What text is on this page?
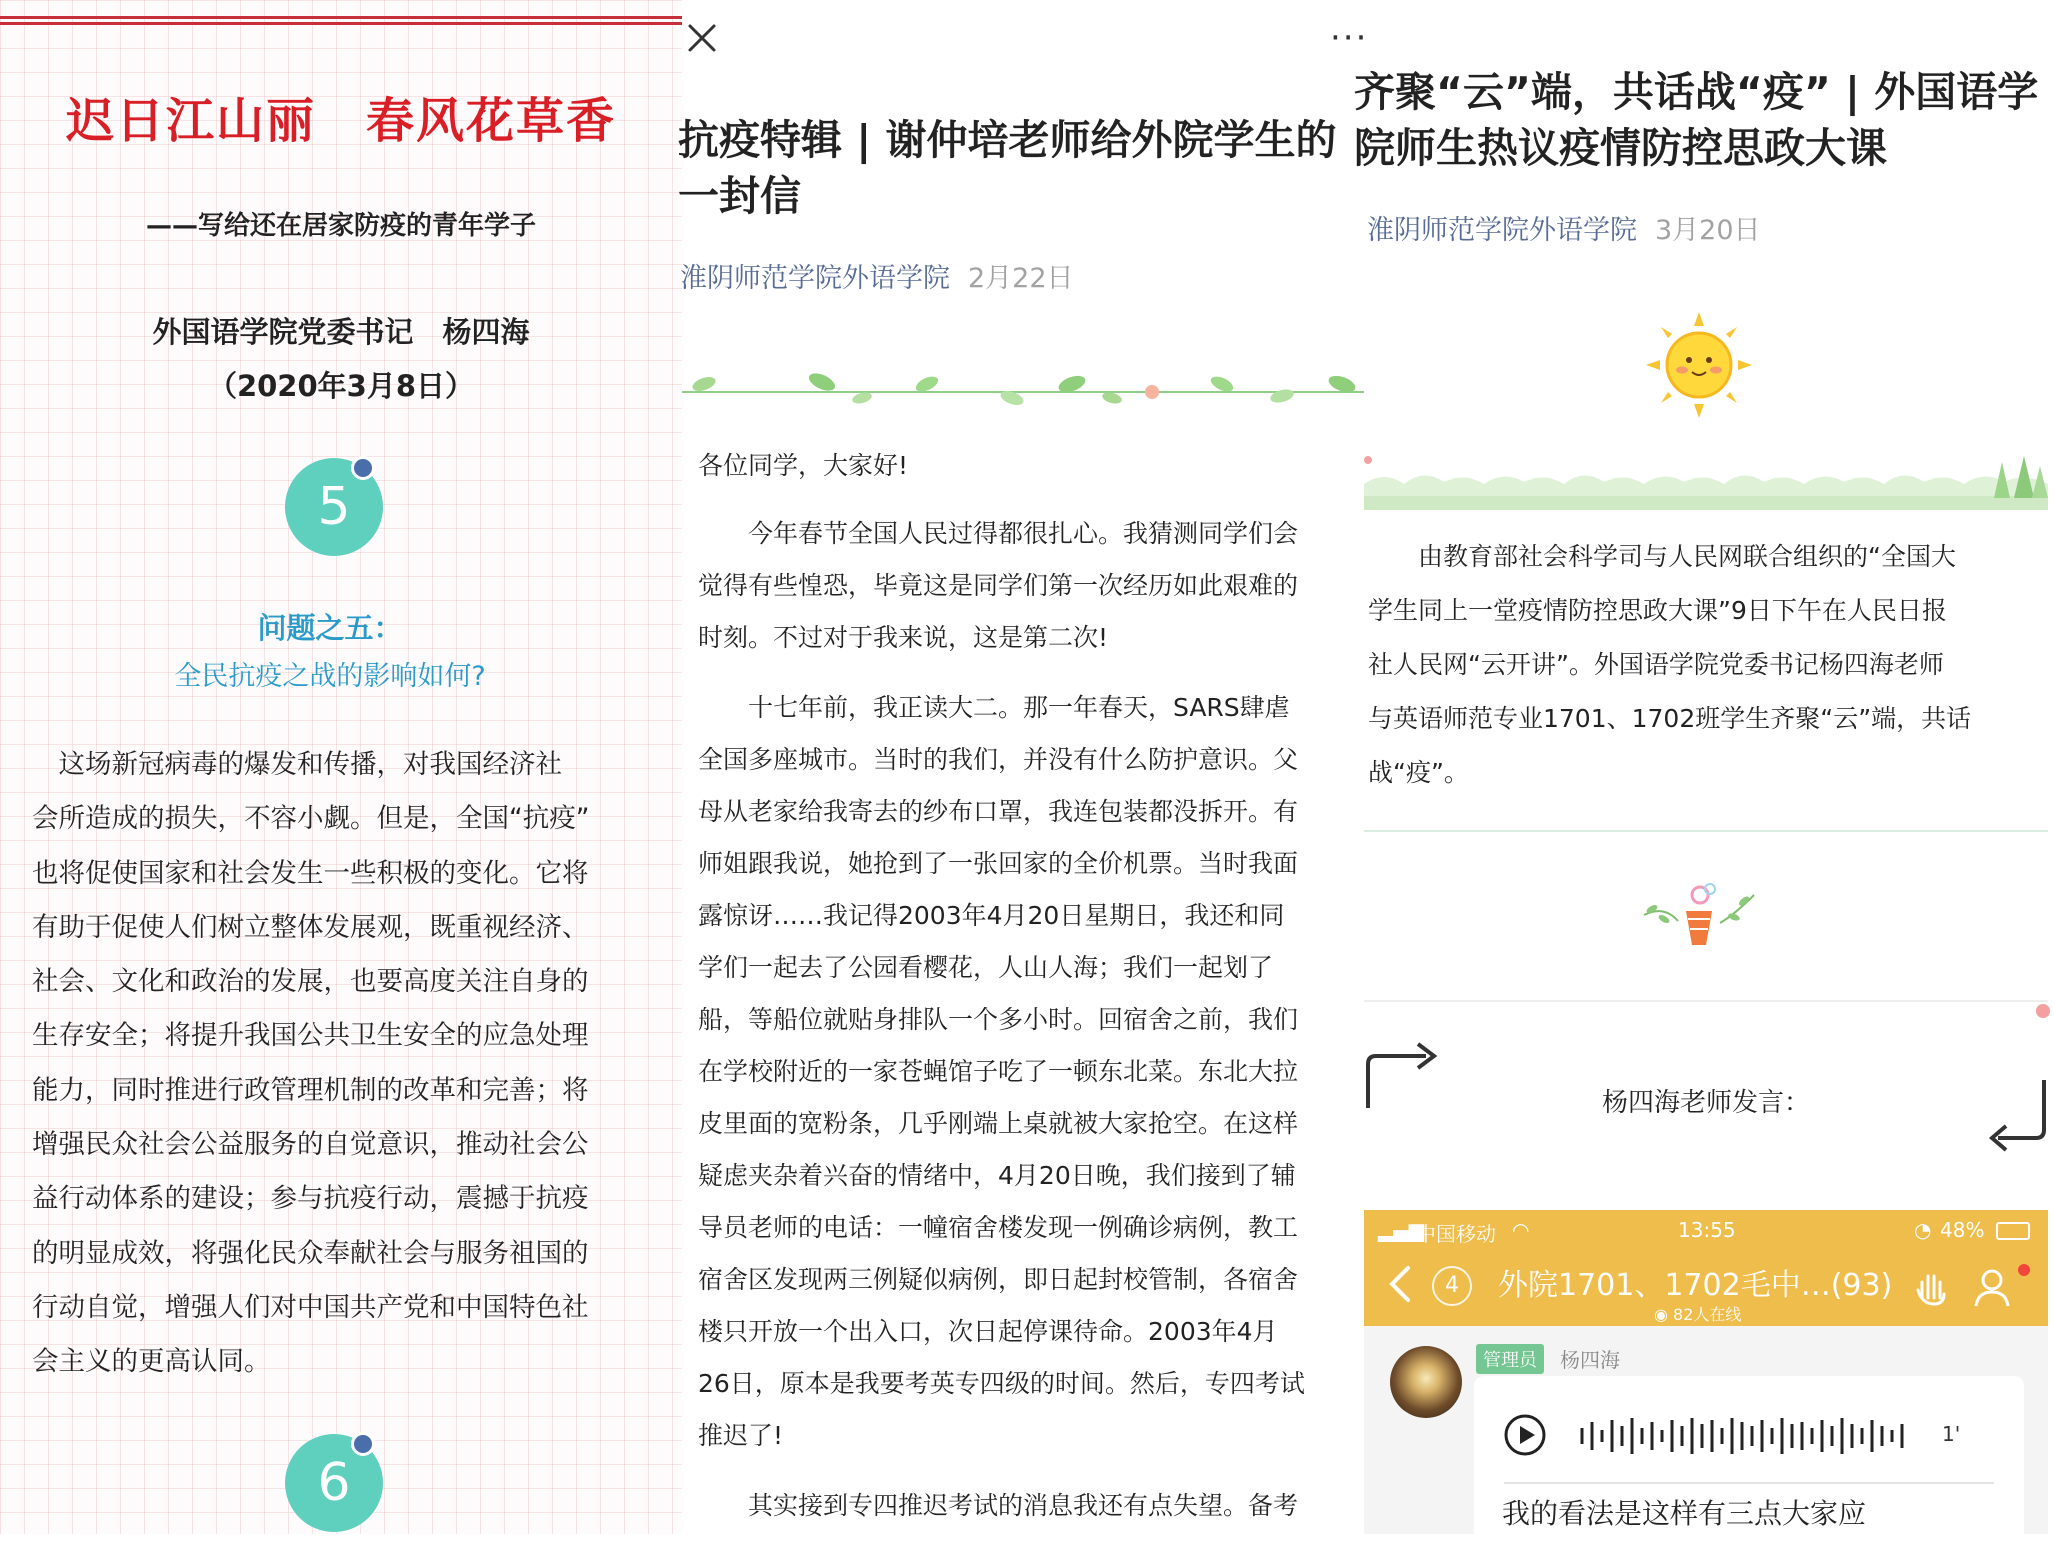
迟日江山丽　春风花草香
——写给还在居家防疫的青年学子
外国语学院党委书记　杨四海
（2020年3月8日）
5
问题之五：
全民抗疫之战的影响如何?
　这场新冠病毒的爆发和传播，对我国经济社
会所造成的损失，不容小觑。但是，全国“抗疫”
也将促使国家和社会发生一些积极的变化。它将
有助于促使人们树立整体发展观，既重视经济、
社会、文化和政治的发展，也要高度关注自身的
生存安全；将提升我国公共卫生安全的应急处理
能力，同时推进行政管理机制的改革和完善；将
增强民众社会公益服务的自觉意识，推动社会公
益行动体系的建设；参与抗疫行动，震撼于抗疫
的明显成效，将强化民众奉献社会与服务祖国的
行动自觉，增强人们对中国共产党和中国特色社
会主义的更高认同。
6
抗疫特辑 | 谢仲培老师给外院学生的
一封信
淮阴师范学院外语学院 2月22日
各位同学，大家好!
　　今年春节全国人民过得都很扎心。我猜测同学们会
觉得有些惶恐，毕竟这是同学们第一次经历如此艰难的
时刻。不过对于我来说，这是第二次!
　　十七年前，我正读大二。那一年春天，SARS肆虐
全国多座城市。当时的我们，并没有什么防护意识。父
母从老家给我寄去的纱布口罩，我连包装都没拆开。有
师姐跟我说，她抢到了一张回家的全价机票。当时我面
露惊讶……我记得2003年4月20日星期日，我还和同
学们一起去了公园看樱花，人山人海；我们一起划了
船，等船位就贴身排队一个多小时。回宿舍之前，我们
在学校附近的一家苍蝇馆子吃了一顿东北菜。东北大拉
皮里面的宽粉条，几乎刚端上桌就被大家抢空。在这样
疑虑夹杂着兴奋的情绪中，4月20日晚，我们接到了辅
导员老师的电话：一幢宿舍楼发现一例确诊病例，教工
宿舍区发现两三例疑似病例，即日起封校管制，各宿舍
楼只开放一个出入口，次日起停课待命。2003年4月
26日，原本是我要考英专四级的时间。然后，专四考试
推迟了!
　　其实接到专四推迟考试的消息我还有点失望。备考
···
齐聚“云”端，共话战“疫” | 外国语学
院师生热议疫情防控思政大课
淮阴师范学院外语学院 3月20日
　　由教育部社会科学司与人民网联合组织的“全国大
学生同上一堂疫情防控思政大课”9日下午在人民日报
社人民网“云开讲”。外国语学院党委书记杨四海老师
与英语师范专业1701、1702班学生齐聚“云”端，共话
战“疫”。
杨四海老师发言：
▂▄▆
中国移动 ◠	13:55	◔ 48%
4	外院1701、1702毛中…(93)
◉ 82人在线
管理员	杨四海
1'
我的看法是这样有三点大家应
